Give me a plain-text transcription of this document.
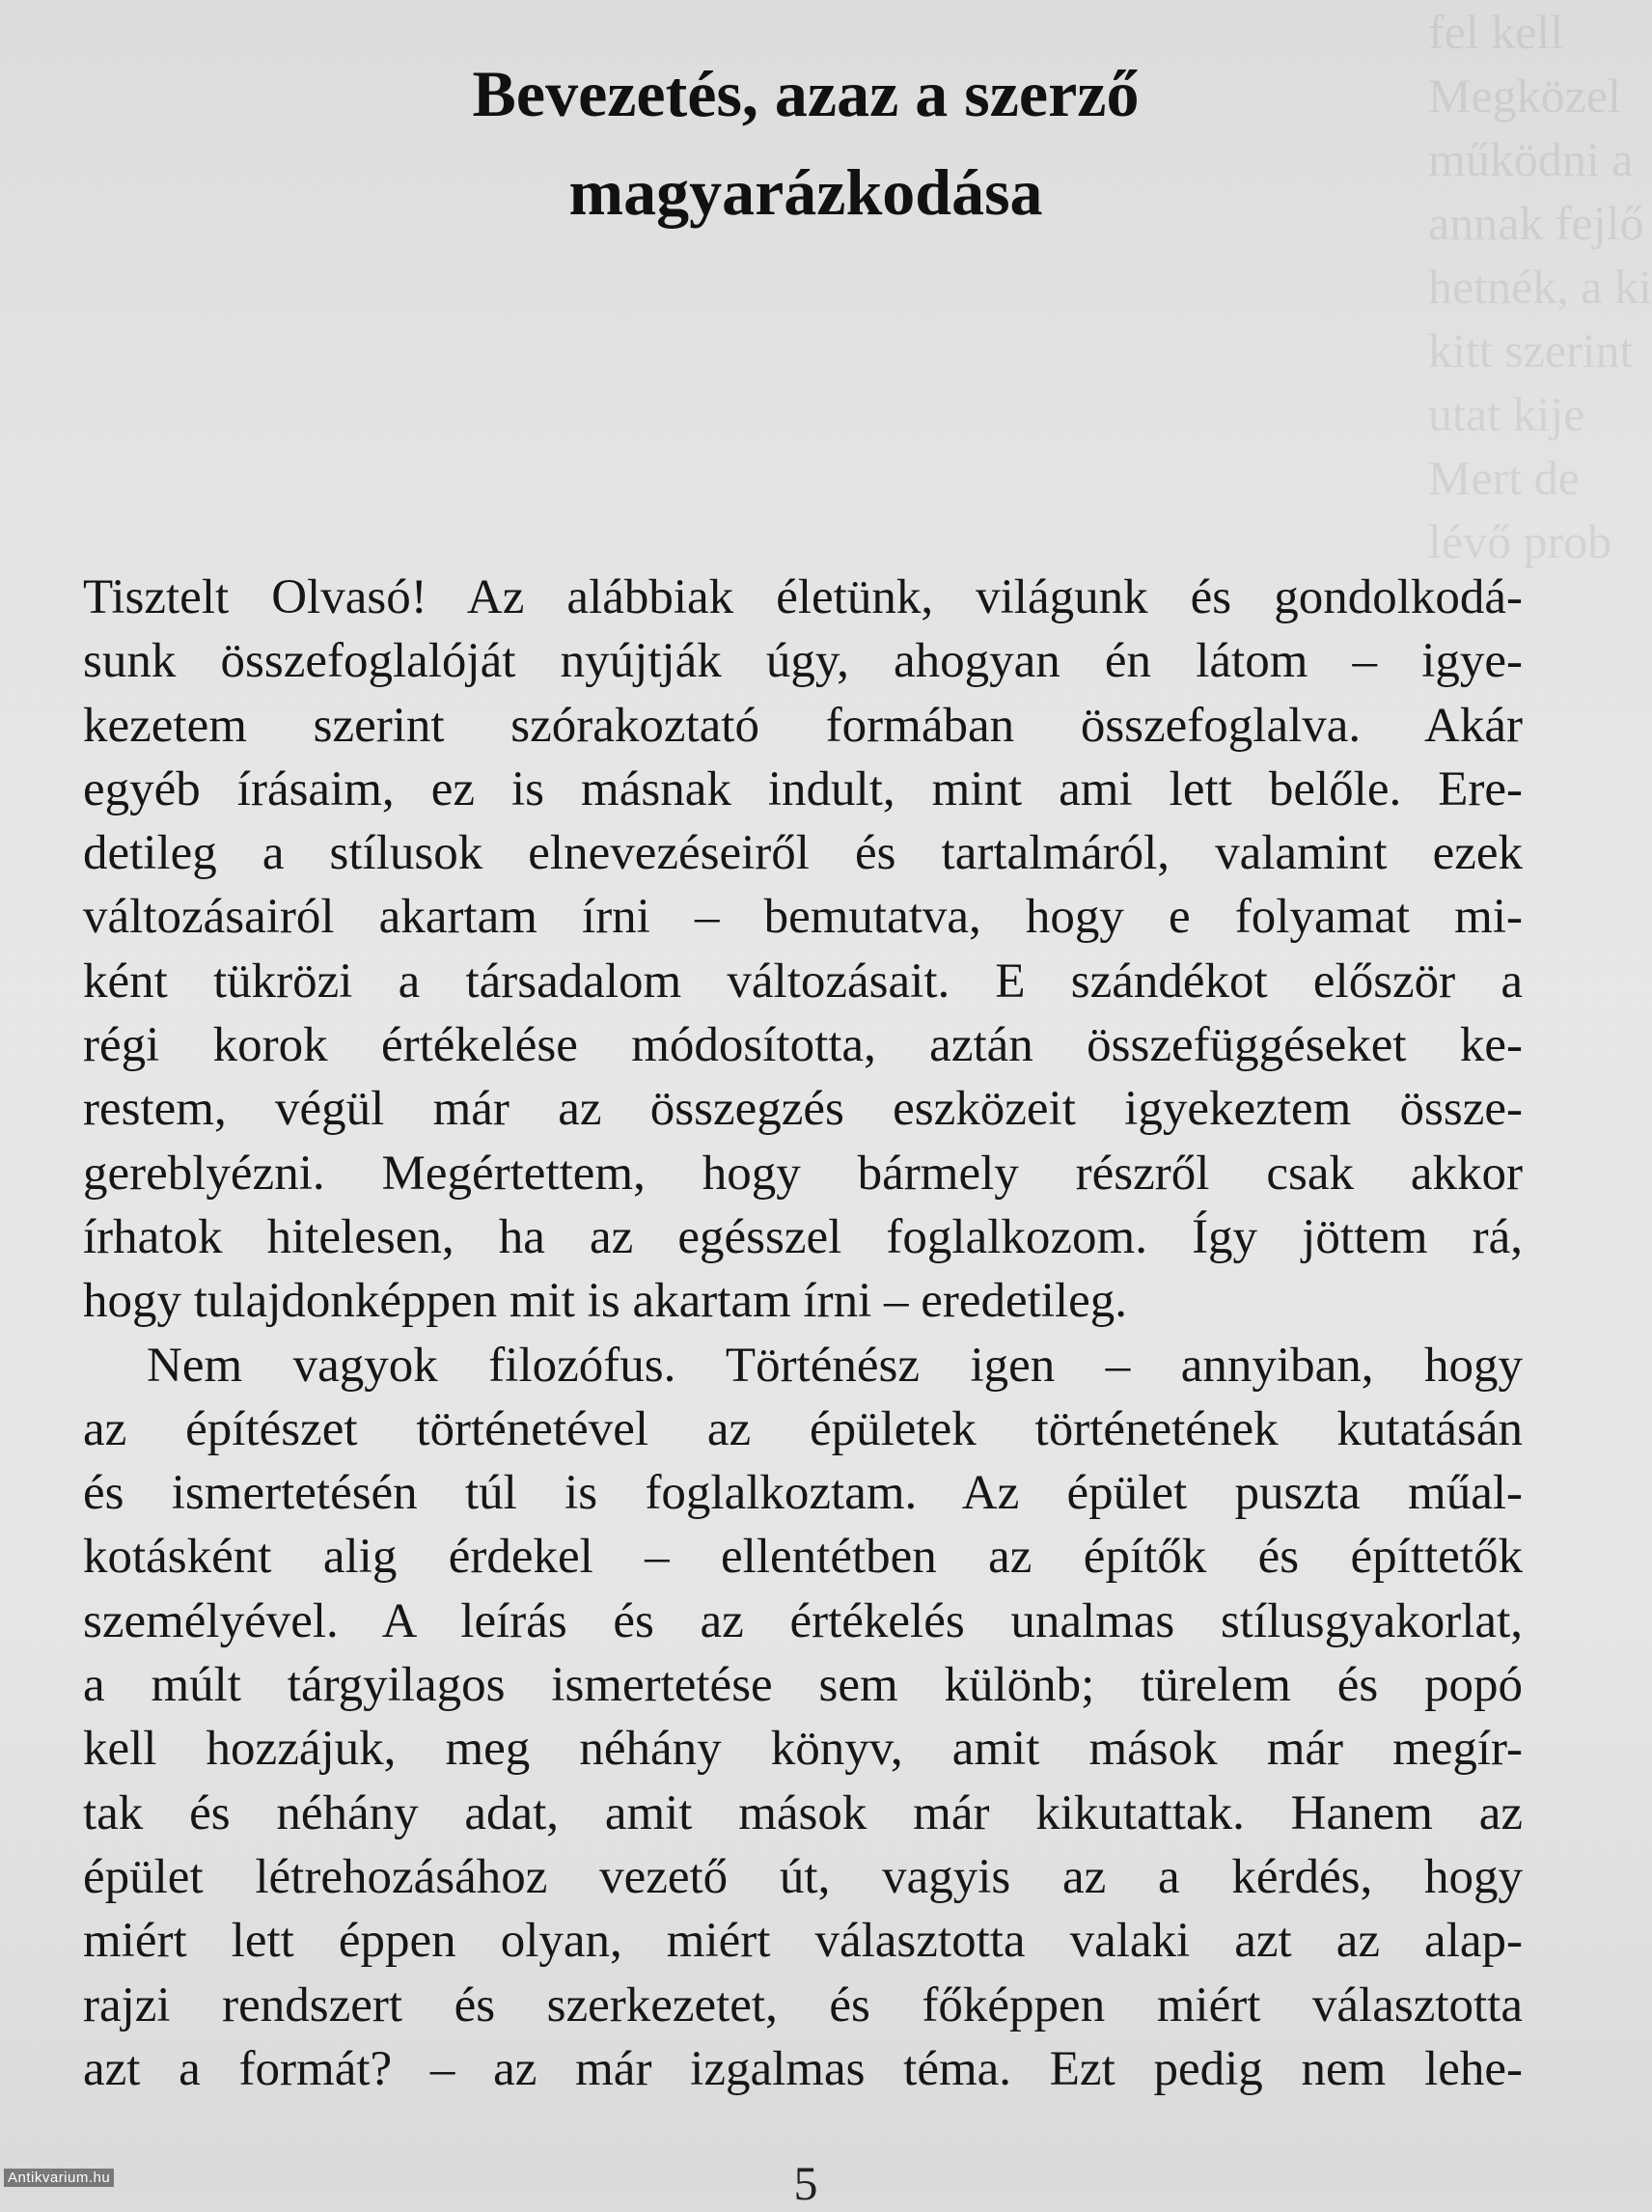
fel kell
Megközel
működni a
annak fejlő
hetnék, a ki
kitt szerint
utat kije
Mert de
lévő prob
Bevezetés, azaz a szerző
magyarázkodása
Tisztelt Olvasó! Az alábbiak életünk, világunk és gondolkodá-
sunk összefoglalóját nyújtják úgy, ahogyan én látom – igye-
kezetem szerint szórakoztató formában összefoglalva. Akár
egyéb írásaim, ez is másnak indult, mint ami lett belőle. Ere-
detileg a stílusok elnevezéseiről és tartalmáról, valamint ezek
változásairól akartam írni – bemutatva, hogy e folyamat mi-
ként tükrözi a társadalom változásait. E szándékot először a
régi korok értékelése módosította, aztán összefüggéseket ke-
restem, végül már az összegzés eszközeit igyekeztem össze-
gereblyézni. Megértettem, hogy bármely részről csak akkor
írhatok hitelesen, ha az egésszel foglalkozom. Így jöttem rá,
hogy tulajdonképpen mit is akartam írni – eredetileg.
Nem vagyok filozófus. Történész igen – annyiban, hogy
az építészet történetével az épületek történetének kutatásán
és ismertetésén túl is foglalkoztam. Az épület puszta műal-
kotásként alig érdekel – ellentétben az építők és építtetők
személyével. A leírás és az értékelés unalmas stílusgyakorlat,
a múlt tárgyilagos ismertetése sem különb; türelem és popó
kell hozzájuk, meg néhány könyv, amit mások már megír-
tak és néhány adat, amit mások már kikutattak. Hanem az
épület létrehozásához vezető út, vagyis az a kérdés, hogy
miért lett éppen olyan, miért választotta valaki azt az alap-
rajzi rendszert és szerkezetet, és főképpen miért választotta
azt a formát? – az már izgalmas téma. Ezt pedig nem lehe-
5
Antikvarium.hu
